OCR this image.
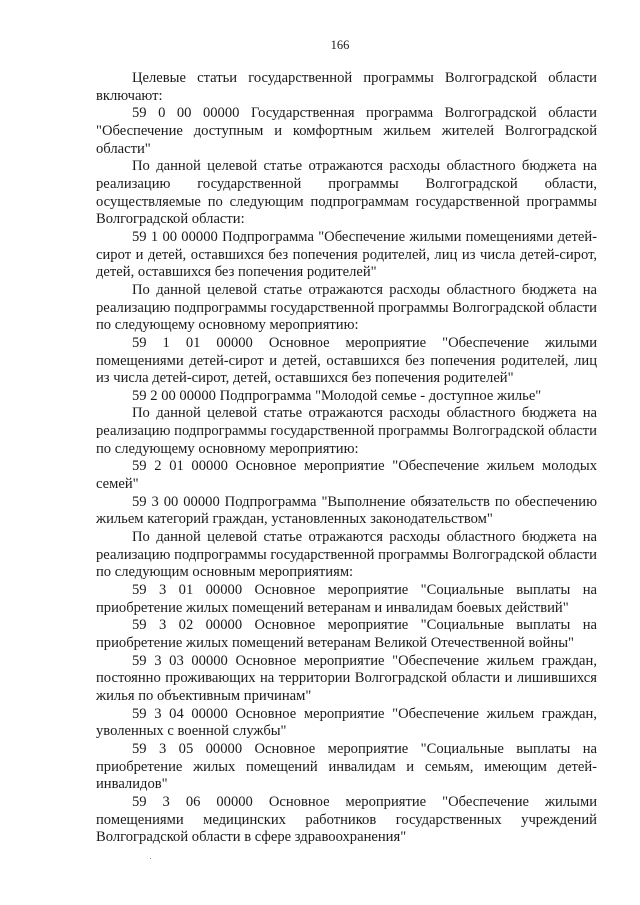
166

Целевые статьи государственной программы Волгоградской области включают:

59 0 00 00000 Государственная программа Волгоградской области "Обеспечение доступным и комфортным жильем жителей Волгоградской области"

По данной целевой статье отражаются расходы областного бюджета на реализацию государственной программы Волгоградской области, осуществляемые по следующим подпрограммам государственной программы Волгоградской области:

59 1 00 00000 Подпрограмма "Обеспечение жилыми помещениями детей-сирот и детей, оставшихся без попечения родителей, лиц из числа детей-сирот, детей, оставшихся без попечения родителей"

По данной целевой статье отражаются расходы областного бюджета на реализацию подпрограммы государственной программы Волгоградской области по следующему основному мероприятию:

59 1 01 00000 Основное мероприятие "Обеспечение жилыми помещениями детей-сирот и детей, оставшихся без попечения родителей, лиц из числа детей-сирот, детей, оставшихся без попечения родителей"

59 2 00 00000 Подпрограмма "Молодой семье - доступное жилье"

По данной целевой статье отражаются расходы областного бюджета на реализацию подпрограммы государственной программы Волгоградской области по следующему основному мероприятию:

59 2 01 00000 Основное мероприятие "Обеспечение жильем молодых семей"

59 3 00 00000 Подпрограмма "Выполнение обязательств по обеспечению жильем категорий граждан, установленных законодательством"

По данной целевой статье отражаются расходы областного бюджета на реализацию подпрограммы государственной программы Волгоградской области по следующим основным мероприятиям:

59 3 01 00000 Основное мероприятие "Социальные выплаты на приобретение жилых помещений ветеранам и инвалидам боевых действий"

59 3 02 00000 Основное мероприятие "Социальные выплаты на приобретение жилых помещений ветеранам Великой Отечественной войны"

59 3 03 00000 Основное мероприятие "Обеспечение жильем граждан, постоянно проживающих на территории Волгоградской области и лишившихся жилья по объективным причинам"

59 3 04 00000 Основное мероприятие "Обеспечение жильем граждан, уволенных с военной службы"

59 3 05 00000 Основное мероприятие "Социальные выплаты на приобретение жилых помещений инвалидам и семьям, имеющим детей-инвалидов"

59 3 06 00000 Основное мероприятие "Обеспечение жилыми помещениями медицинских работников государственных учреждений Волгоградской области в сфере здравоохранения"
